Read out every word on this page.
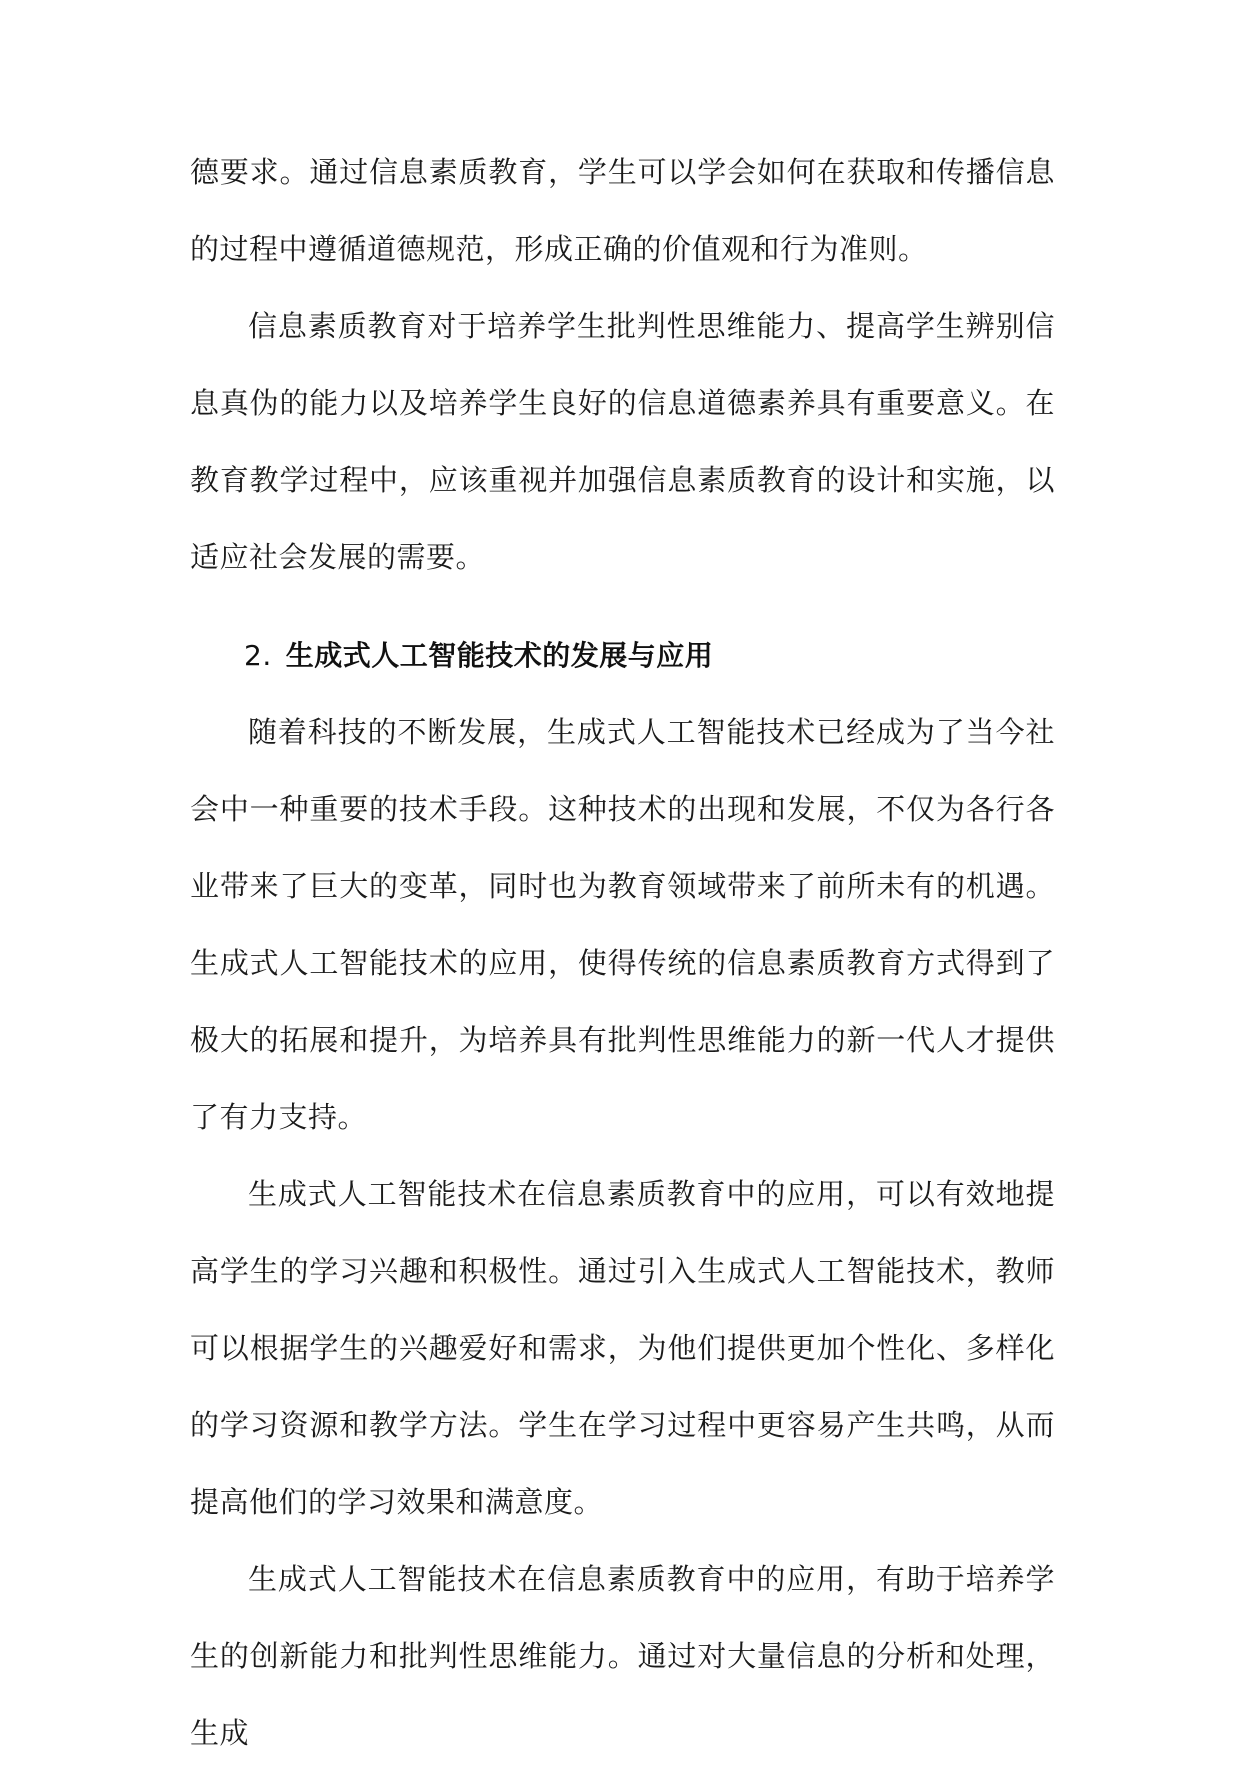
德要求。通过信息素质教育，学生可以学会如何在获取和传播信息的过程中遵循道德规范，形成正确的价值观和行为准则。

信息素质教育对于培养学生批判性思维能力、提高学生辨别信息真伪的能力以及培养学生良好的信息道德素养具有重要意义。在教育教学过程中，应该重视并加强信息素质教育的设计和实施，以适应社会发展的需要。

2. 生成式人工智能技术的发展与应用

随着科技的不断发展，生成式人工智能技术已经成为了当今社会中一种重要的技术手段。这种技术的出现和发展，不仅为各行各业带来了巨大的变革，同时也为教育领域带来了前所未有的机遇。生成式人工智能技术的应用，使得传统的信息素质教育方式得到了极大的拓展和提升，为培养具有批判性思维能力的新一代人才提供了有力支持。

生成式人工智能技术在信息素质教育中的应用，可以有效地提高学生的学习兴趣和积极性。通过引入生成式人工智能技术，教师可以根据学生的兴趣爱好和需求，为他们提供更加个性化、多样化的学习资源和教学方法。学生在学习过程中更容易产生共鸣，从而提高他们的学习效果和满意度。

生成式人工智能技术在信息素质教育中的应用，有助于培养学生的创新能力和批判性思维能力。通过对大量信息的分析和处理，生成
